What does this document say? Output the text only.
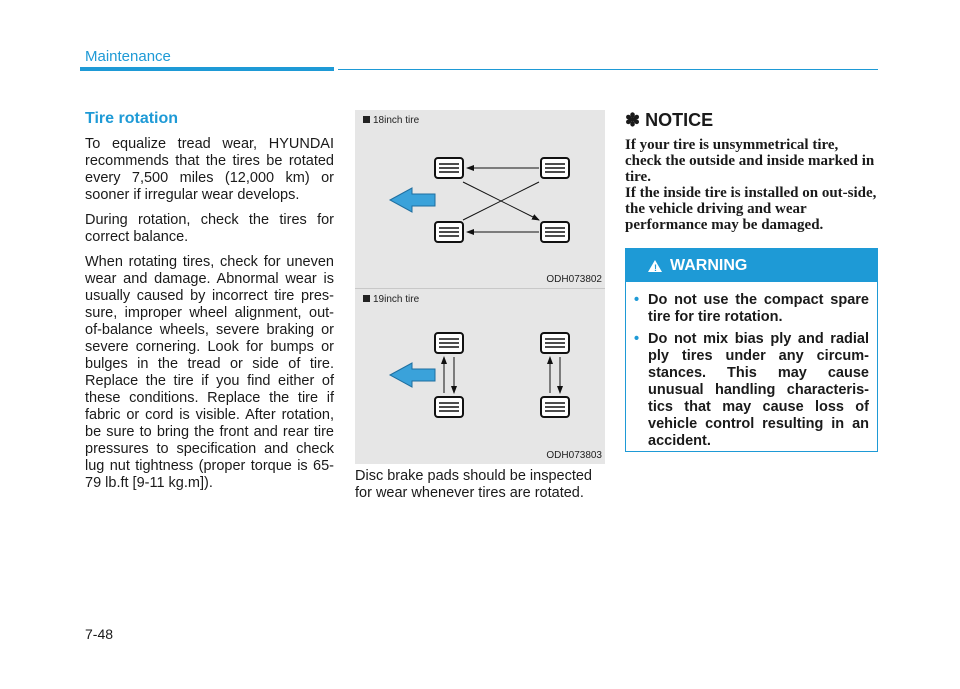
Maintenance
Tire rotation

To equalize tread wear, HYUNDAI recommends that the tires be rotated every 7,500 miles (12,000 km) or sooner if irregular wear develops.

During rotation, check the tires for correct balance.

When rotating tires, check for uneven wear and damage. Abnormal wear is usually caused by incorrect tire pres-sure, improper wheel alignment, out-of-balance wheels, severe braking or severe cornering. Look for bumps or bulges in the tread or side of tire. Replace the tire if you find either of these conditions. Replace the tire if fabric or cord is visible. After rotation, be sure to bring the front and rear tire pressures to specification and check lug nut tightness (proper torque is 65-79 lb.ft [9-11 kg.m]).

18inch tire
ODH073802
19inch tire
ODH073803
Disc brake pads should be inspected for wear whenever tires are rotated.
✽ NOTICE

If your tire is unsymmetrical tire, check the outside and inside marked in tire.

If the inside tire is installed on out-side, the vehicle driving and wear performance may be damaged.

! WARNING
• Do not use the compact spare tire for tire rotation.
• Do not mix bias ply and radial ply tires under any circum-stances. This may cause unusual handling characteris-tics that may cause loss of vehicle control resulting in an accident.
7-48
